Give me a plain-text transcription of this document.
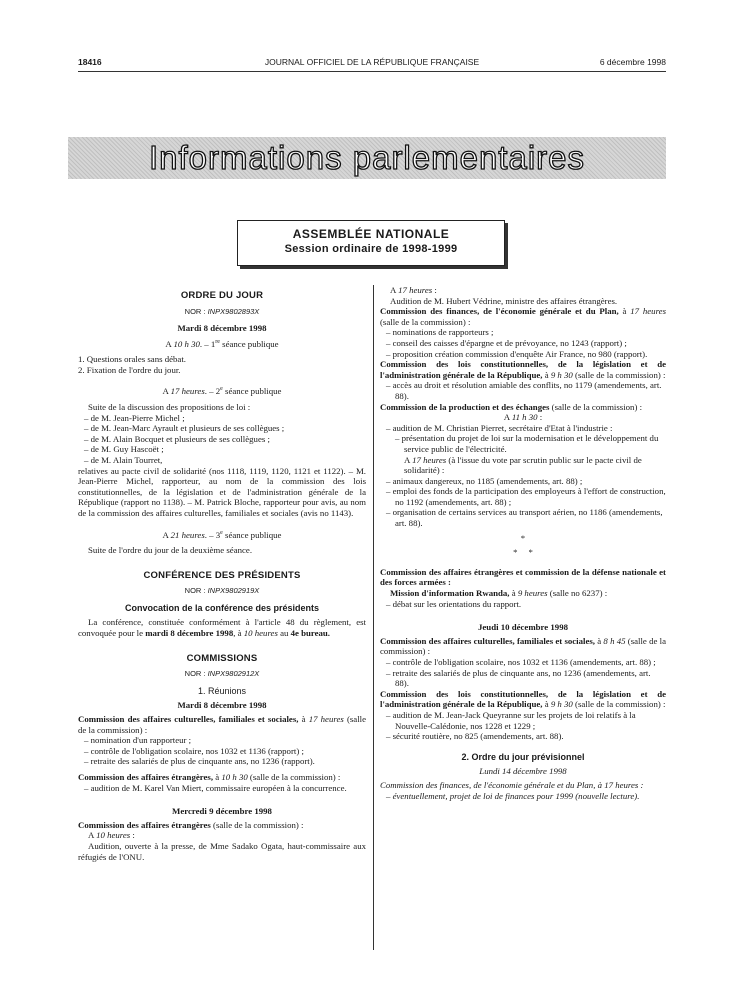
18416	JOURNAL OFFICIEL DE LA RÉPUBLIQUE FRANÇAISE	6 décembre 1998
Informations parlementaires
ASSEMBLÉE NATIONALE
Session ordinaire de 1998-1999
ORDRE DU JOUR
NOR : INPX9802893X
Mardi 8 décembre 1998
A 10 h 30. – 1re séance publique
1. Questions orales sans débat.
2. Fixation de l'ordre du jour.
A 17 heures. – 2e séance publique
Suite de la discussion des propositions de loi :
– de M. Jean-Pierre Michel ;
– de M. Jean-Marc Ayrault et plusieurs de ses collègues ;
– de M. Alain Bocquet et plusieurs de ses collègues ;
– de M. Guy Hascoët ;
– de M. Alain Tourret,
relatives au pacte civil de solidarité (nos 1118, 1119, 1120, 1121 et 1122). – M. Jean-Pierre Michel, rapporteur, au nom de la commission des lois constitutionnelles, de la législation et de l'administration générale de la République (rapport no 1138). – M. Patrick Bloche, rapporteur pour avis, au nom de la commission des affaires culturelles, familiales et sociales (avis no 1143).
A 21 heures. – 3e séance publique
Suite de l'ordre du jour de la deuxième séance.
CONFÉRENCE DES PRÉSIDENTS
NOR : INPX9802919X
Convocation de la conférence des présidents
La conférence, constituée conformément à l'article 48 du règlement, est convoquée pour le mardi 8 décembre 1998, à 10 heures au 4e bureau.
COMMISSIONS
NOR : INPX9802912X
1. Réunions
Mardi 8 décembre 1998
Commission des affaires culturelles, familiales et sociales, à 17 heures (salle de la commission) :
– nomination d'un rapporteur ;
– contrôle de l'obligation scolaire, nos 1032 et 1136 (rapport) ;
– retraite des salariés de plus de cinquante ans, no 1236 (rapport).
Commission des affaires étrangères, à 10 h 30 (salle de la commission) :
– audition de M. Karel Van Miert, commissaire européen à la concurrence.
Mercredi 9 décembre 1998
Commission des affaires étrangères (salle de la commission) :
A 10 heures :
Audition, ouverte à la presse, de Mme Sadako Ogata, haut-commissaire aux réfugiés de l'ONU.
A 17 heures :
Audition de M. Hubert Védrine, ministre des affaires étrangères.
Commission des finances, de l'économie générale et du Plan, à 17 heures (salle de la commission) :
– nominations de rapporteurs ;
– conseil des caisses d'épargne et de prévoyance, no 1243 (rapport) ;
– proposition création commission d'enquête Air France, no 980 (rapport).
Commission des lois constitutionnelles, de la législation et de l'administration générale de la République, à 9 h 30 (salle de la commission) :
– accès au droit et résolution amiable des conflits, no 1179 (amendements, art. 88).
Commission de la production et des échanges (salle de la commission) :
A 11 h 30 :
– audition de M. Christian Pierret, secrétaire d'Etat à l'industrie :
– présentation du projet de loi sur la modernisation et le développement du service public de l'électricité.
A 17 heures (à l'issue du vote par scrutin public sur le pacte civil de solidarité) :
– animaux dangereux, no 1185 (amendements, art. 88) ;
– emploi des fonds de la participation des employeurs à l'effort de construction, no 1192 (amendements, art. 88) ;
– organisation de certains services au transport aérien, no 1186 (amendements, art. 88).
*
*     *
Commission des affaires étrangères et commission de la défense nationale et des forces armées :
Mission d'information Rwanda, à 9 heures (salle no 6237) :
– débat sur les orientations du rapport.
Jeudi 10 décembre 1998
Commission des affaires culturelles, familiales et sociales, à 8 h 45 (salle de la commission) :
– contrôle de l'obligation scolaire, nos 1032 et 1136 (amendements, art. 88) ;
– retraite des salariés de plus de cinquante ans, no 1236 (amendements, art. 88).
Commission des lois constitutionnelles, de la législation et de l'administration générale de la République, à 9 h 30 (salle de la commission) :
– audition de M. Jean-Jack Queyranne sur les projets de loi relatifs à la Nouvelle-Calédonie, nos 1228 et 1229 ;
– sécurité routière, no 825 (amendements, art. 88).
2. Ordre du jour prévisionnel
Lundi 14 décembre 1998
Commission des finances, de l'économie générale et du Plan, à 17 heures :
– éventuellement, projet de loi de finances pour 1999 (nouvelle lecture).
